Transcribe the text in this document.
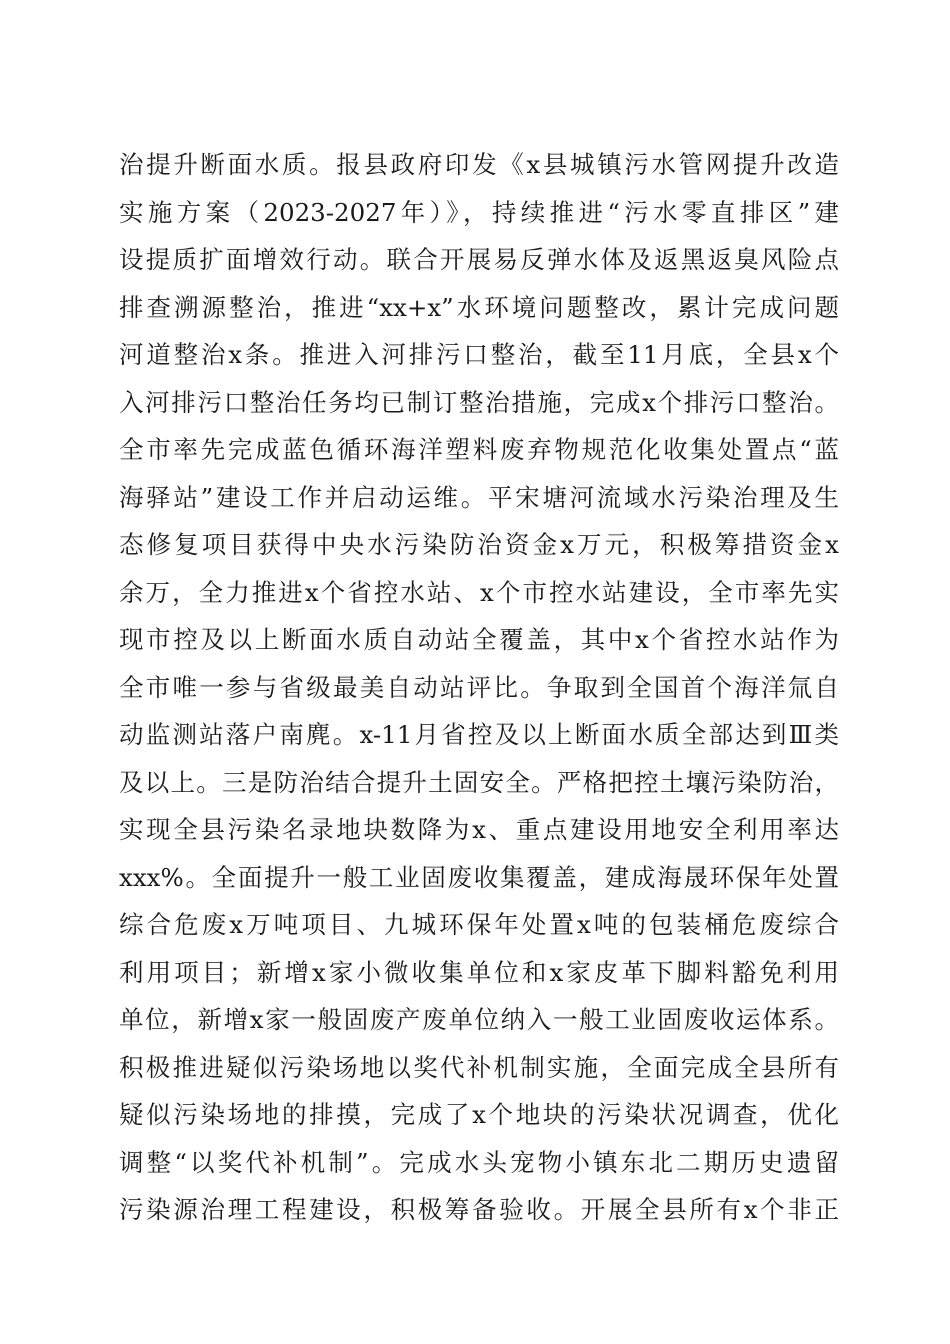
治提升断面水质。报县政府印发《x县城镇污水管网提升改造
实施方案（2023-2027年）》，持续推进“污水零直排区”建
设提质扩面增效行动。联合开展易反弹水体及返黑返臭风险点
排查溯源整治，推进“xx+x”水环境问题整改，累计完成问题
河道整治x条。推进入河排污口整治，截至11月底，全县x个
入河排污口整治任务均已制订整治措施，完成x个排污口整治。
全市率先完成蓝色循环海洋塑料废弃物规范化收集处置点“蓝
海驿站”建设工作并启动运维。平宋塘河流域水污染治理及生
态修复项目获得中央水污染防治资金x万元，积极筹措资金x
余万，全力推进x个省控水站、x个市控水站建设，全市率先实
现市控及以上断面水质自动站全覆盖，其中x个省控水站作为
全市唯一参与省级最美自动站评比。争取到全国首个海洋氚自
动监测站落户南麂。x-11月省控及以上断面水质全部达到Ⅲ类
及以上。三是防治结合提升土固安全。严格把控土壤污染防治，
实现全县污染名录地块数降为x、重点建设用地安全利用率达
xxx%。全面提升一般工业固废收集覆盖，建成海晟环保年处置
综合危废x万吨项目、九城环保年处置x吨的包装桶危废综合
利用项目；新增x家小微收集单位和x家皮革下脚料豁免利用
单位，新增x家一般固废产废单位纳入一般工业固废收运体系。
积极推进疑似污染场地以奖代补机制实施，全面完成全县所有
疑似污染场地的排摸，完成了x个地块的污染状况调查，优化
调整“以奖代补机制”。完成水头宠物小镇东北二期历史遗留
污染源治理工程建设，积极筹备验收。开展全县所有x个非正
